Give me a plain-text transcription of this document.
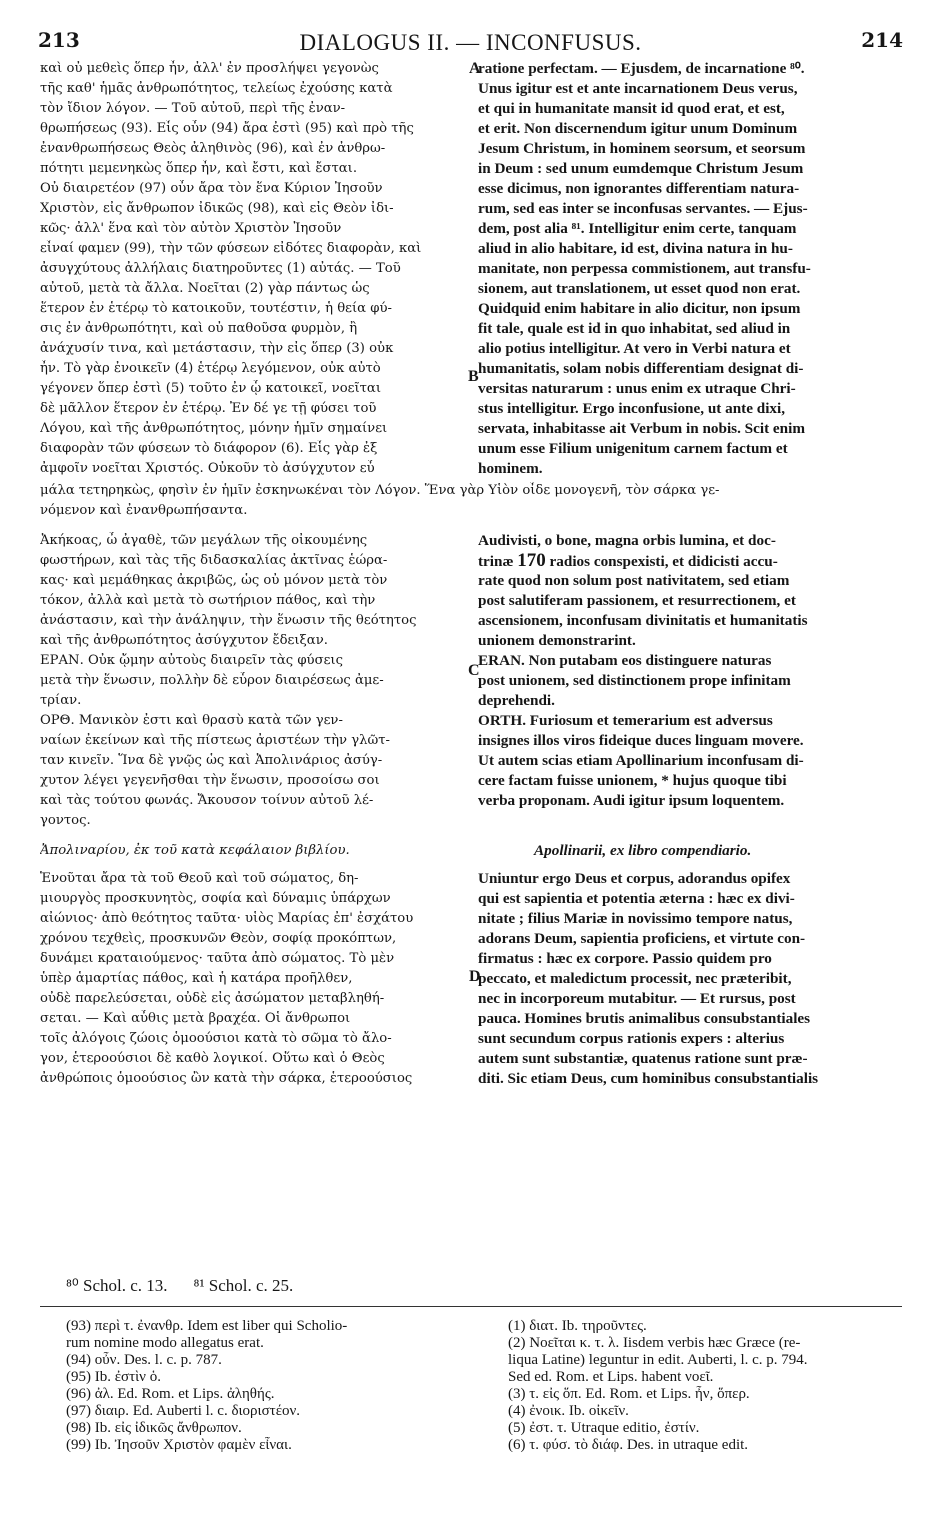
213	DIALOGUS II. — INCONFUSUS.	214
καὶ οὐ μεθεὶς ὅπερ ἦν, ἀλλ' ἐν προσλήψει γεγονὼς
τῆς καθ' ἡμᾶς ἀνθρωπότητος, τελείως ἐχούσης κατὰ
τὸν ἴδιον λόγον. — Τοῦ αὐτοῦ, περὶ τῆς ἐναν-
θρωπήσεως (93). Εἷς οὖν (94) ἄρα ἐστὶ (95) καὶ πρὸ τῆς
ἐνανθρωπήσεως Θεὸς ἀληθινὸς (96), καὶ ἐν ἀνθρω-
πότητι μεμενηκὼς ὅπερ ἦν, καὶ ἔστι, καὶ ἔσται.
Οὐ διαιρετέον (97) οὖν ἄρα τὸν ἕνα Κύριον Ἰησοῦν
Χριστὸν, εἰς ἄνθρωπον ἰδικῶς (98), καὶ εἰς Θεὸν ἰδι-
κῶς· ἀλλ' ἕνα καὶ τὸν αὐτὸν Χριστὸν Ἰησοῦν
εἶναί φαμεν (99), τὴν τῶν φύσεων εἰδότες διαφορὰν, καὶ
ἀσυγχύτους ἀλλήλαις διατηροῦντες (1) αὐτάς. — Τοῦ
αὐτοῦ, μετὰ τὰ ἄλλα. Νοεῖται (2) γὰρ πάντως ὡς
ἕτερον ἐν ἑτέρῳ τὸ κατοικοῦν, τουτέστιν, ἡ θεία φύ-
σις ἐν ἀνθρωπότητι, καὶ οὐ παθοῦσα φυρμὸν, ἢ
ἀνάχυσίν τινα, καὶ μετάστασιν, τὴν εἰς ὅπερ (3) οὐκ
ἦν. Τὸ γὰρ ἐνοικεῖν (4) ἑτέρῳ λεγόμενον, οὐκ αὐτὸ
γέγονεν ὅπερ ἐστὶ (5) τοῦτο ἐν ᾧ κατοικεῖ, νοεῖται
δὲ μᾶλλον ἕτερον ἐν ἑτέρῳ. Ἐν δέ γε τῇ φύσει τοῦ
Λόγου, καὶ τῆς ἀνθρωπότητος, μόνην ἡμῖν σημαίνει
διαφορὰν τῶν φύσεων τὸ διάφορον (6). Εἷς γὰρ ἐξ
ἀμφοῖν νοεῖται Χριστός. Οὐκοῦν τὸ ἀσύγχυτον εὖ
ratione perfectam. — Ejusdem, de incarnatione ⁸⁰.
Unus igitur est et ante incarnationem Deus verus,
et qui in humanitate mansit id quod erat, et est,
et erit. Non discernendum igitur unum Dominum
Jesum Christum, in hominem seorsum, et seorsum
in Deum : sed unum eumdemque Christum Jesum
esse dicimus, non ignorantes differentiam natura-
rum, sed eas inter se inconfusas servantes. — Ejus-
dem, post alia ⁸¹. Intelligitur enim certe, tanquam
aliud in alio habitare, id est, divina natura in hu-
manitate, non perpessa commistionem, aut transfu-
sionem, aut translationem, ut esset quod non erat.
Quidquid enim habitare in alio dicitur, non ipsum
fit tale, quale est id in quo inhabitat, sed aliud in
alio potius intelligitur. At vero in Verbi natura et
humanitatis, solam nobis differentiam designat di-
versitas naturarum : unus enim ex utraque Chri-
stus intelligitur. Ergo inconfusione, ut ante dixi,
servata, inhabitasse ait Verbum in nobis. Scit enim
unum esse Filium unigenitum carnem factum et
hominem.
μάλα τετηρηκὼς, φησὶν ἐν ἡμῖν ἐσκηνωκέναι τὸν Λόγον. Ἕνα γὰρ Υἱὸν οἶδε μονογενῆ, τὸν σάρκα γε-
νόμενον καὶ ἐνανθρωπήσαντα.
Ἀκήκοας, ὦ ἀγαθὲ, τῶν μεγάλων τῆς οἰκουμένης
φωστήρων, καὶ τὰς τῆς διδασκαλίας ἀκτῖνας ἑώρα-
κας· καὶ μεμάθηκας ἀκριβῶς, ὡς οὐ μόνον μετὰ τὸν
τόκον, ἀλλὰ καὶ μετὰ τὸ σωτήριον πάθος, καὶ τὴν
ἀνάστασιν, καὶ τὴν ἀνάληψιν, τὴν ἕνωσιν τῆς θεότητος
καὶ τῆς ἀνθρωπότητος ἀσύγχυτον ἔδειξαν.
ΕΡΑΝ. Οὐκ ᾤμην αὐτοὺς διαιρεῖν τὰς φύσεις
μετὰ τὴν ἕνωσιν, πολλὴν δὲ εὗρον διαιρέσεως ἀμε-
τρίαν.
ΟΡΘ. Μανικὸν ἐστι καὶ θρασὺ κατὰ τῶν γεν-
ναίων ἐκείνων καὶ τῆς πίστεως ἀριστέων τὴν γλῶτ-
ταν κινεῖν. Ἵνα δὲ γνῷς ὡς καὶ Ἀπολινάριος ἀσύγ-
χυτον λέγει γεγενῆσθαι τὴν ἕνωσιν, προσοίσω σοι
καὶ τὰς τούτου φωνάς. Ἄκουσον τοίνυν αὐτοῦ λέ-
γοντος.
Audivisti, o bone, magna orbis lumina, et doc-
trinæ 170 radios conspexisti, et didicisti accu-
rate quod non solum post nativitatem, sed etiam
post salutiferam passionem, et resurrectionem, et
ascensionem, inconfusam divinitatis et humanitatis
unionem demonstrarint.
ERAN. Non putabam eos distinguere naturas
post unionem, sed distinctionem prope infinitam
deprehendi.
ORTH. Furiosum et temerarium est adversus
insignes illos viros fideique duces linguam movere.
Ut autem scias etiam Apollinarium inconfusam di-
cere factam fuisse unionem, * hujus quoque tibi
verba proponam. Audi igitur ipsum loquentem.
Ἀπολιναρίου, ἐκ τοῦ κατὰ κεφάλαιον βιβλίου.	Apollinarii, ex libro compendiario.
Ἑνοῦται ἄρα τὰ τοῦ Θεοῦ καὶ τοῦ σώματος, δη-
μιουργὸς προσκυνητὸς, σοφία καὶ δύναμις ὑπάρχων
αἰώνιος· ἀπὸ θεότητος ταῦτα· υἱὸς Μαρίας ἐπ' ἐσχάτου
χρόνου τεχθεὶς, προσκυνῶν Θεὸν, σοφίᾳ προκόπτων,
δυνάμει κραταιούμενος· ταῦτα ἀπὸ σώματος. Τὸ μὲν
ὑπὲρ ἁμαρτίας πάθος, καὶ ἡ κατάρα προῆλθεν,
οὐδὲ παρελεύσεται, οὐδὲ εἰς ἀσώματον μεταβληθή-
σεται. — Καὶ αὖθις μετὰ βραχέα. Οἱ ἄνθρωποι
τοῖς ἀλόγοις ζώοις ὁμοούσιοι κατὰ τὸ σῶμα τὸ ἄλο-
γον, ἑτεροούσιοι δὲ καθὸ λογικοί. Οὕτω καὶ ὁ Θεὸς
ἀνθρώποις ὁμοούσιος ὢν κατὰ τὴν σάρκα, ἑτεροούσιος
Uniuntur ergo Deus et corpus, adorandus opifex
qui est sapientia et potentia æterna : hæc ex divi-
nitate ; filius Mariæ in novissimo tempore natus,
adorans Deum, sapientia proficiens, et virtute con-
firmatus : hæc ex corpore. Passio quidem pro
peccato, et maledictum processit, nec præteribit,
nec in incorporeum mutabitur. — Et rursus, post
pauca. Homines brutis animalibus consubstantiales
sunt secundum corpus rationis expers : alterius
autem sunt substantiæ, quatenus ratione sunt præ-
diti. Sic etiam Deus, cum hominibus consubstantialis
A
B
C
D
⁸⁰ Schol. c. 13. ⁸¹ Schol. c. 25.
(93) περὶ τ. ἐνανθρ. Idem est liber qui Scholio-
rum nomine modo allegatus erat.
(94) οὖν. Des. l. c. p. 787.
(95) Ib. ἐστὶν ὁ.
(96) ἀλ. Ed. Rom. et Lips. ἀληθής.
(97) διαιρ. Ed. Auberti l. c. διοριστέον.
(98) Ib. εἰς ἰδικῶς ἄνθρωπον.
(99) Ib. Ἰησοῦν Χριστὸν φαμὲν εἶναι.
(1) διατ. Ib. τηροῦντες.
(2) Νοεῖται κ. τ. λ. Iisdem verbis hæc Græce (re-
liqua Latine) leguntur in edit. Auberti, l. c. p. 794.
Sed ed. Rom. et Lips. habent νοεῖ.
(3) τ. εἰς ὅπ. Ed. Rom. et Lips. ἦν, ὅπερ.
(4) ἐνοικ. Ib. οἰκεῖν.
(5) ἐστ. τ. Utraque editio, ἐστίν.
(6) τ. φύσ. τὸ διάφ. Des. in utraque edit.
